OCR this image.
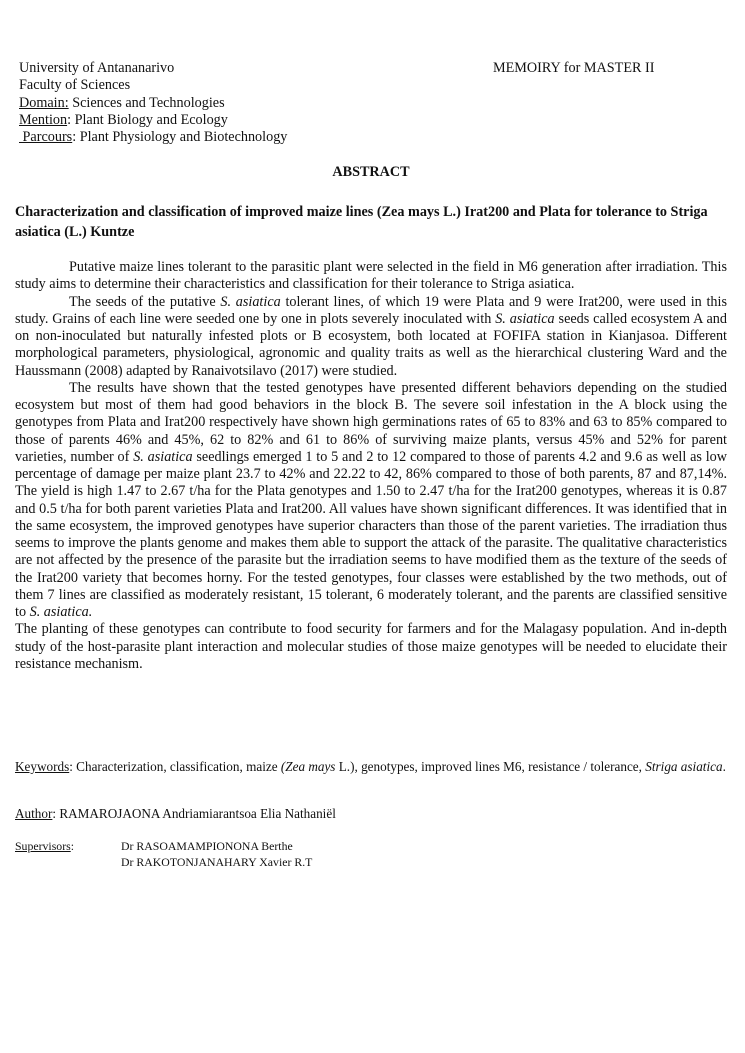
University of Antananarivo	MEMOIRY for MASTER II
Faculty of Sciences
Domain: Sciences and Technologies
Mention: Plant Biology and Ecology
Parcours: Plant Physiology and Biotechnology
ABSTRACT
Characterization and classification of improved maize lines (Zea mays L.) Irat200 and Plata for tolerance to Striga asiatica (L.) Kuntze

Putative maize lines tolerant to the parasitic plant were selected in the field in M6 generation after irradiation. This study aims to determine their characteristics and classification for their tolerance to Striga asiatica.

The seeds of the putative S. asiatica tolerant lines, of which 19 were Plata and 9 were Irat200, were used in this study. Grains of each line were seeded one by one in plots severely inoculated with S. asiatica seeds called ecosystem A and on non-inoculated but naturally infested plots or B ecosystem, both located at FOFIFA station in Kianjasoa. Different morphological parameters, physiological, agronomic and quality traits as well as the hierarchical clustering Ward and the Haussmann (2008) adapted by Ranaivotsilavo (2017) were studied.

The results have shown that the tested genotypes have presented different behaviors depending on the studied ecosystem but most of them had good behaviors in the block B. The severe soil infestation in the A block using the genotypes from Plata and Irat200 respectively have shown high germinations rates of 65 to 83% and 63 to 85% compared to those of parents 46% and 45%, 62 to 82% and 61 to 86% of surviving maize plants, versus 45% and 52% for parent varieties, number of S. asiatica seedlings emerged 1 to 5 and 2 to 12 compared to those of parents 4.2 and 9.6 as well as low percentage of damage per maize plant 23.7 to 42% and 22.22 to 42, 86% compared to those of both parents, 87 and 87,14%. The yield is high 1.47 to 2.67 t/ha for the Plata genotypes and 1.50 to 2.47 t/ha for the Irat200 genotypes, whereas it is 0.87 and 0.5 t/ha for both parent varieties Plata and Irat200. All values have shown significant differences. It was identified that in the same ecosystem, the improved genotypes have superior characters than those of the parent varieties. The irradiation thus seems to improve the plants genome and makes them able to support the attack of the parasite. The qualitative characteristics are not affected by the presence of the parasite but the irradiation seems to have modified them as the texture of the seeds of the Irat200 variety that becomes horny. For the tested genotypes, four classes were established by the two methods, out of them 7 lines are classified as moderately resistant, 15 tolerant, 6 moderately tolerant, and the parents are classified sensitive to S. asiatica.

The planting of these genotypes can contribute to food security for farmers and for the Malagasy population. And in-depth study of the host-parasite plant interaction and molecular studies of those maize genotypes will be needed to elucidate their resistance mechanism.

Keywords: Characterization, classification, maize (Zea mays L.), genotypes, improved lines M6, resistance / tolerance, Striga asiatica.
Author: RAMAROJAONA Andriamiarantsoa Elia Nathaniël
Supervisors:	Dr RASOAMAMPIONONA Berthe
Dr RAKOTONJANAHARY Xavier R.T
